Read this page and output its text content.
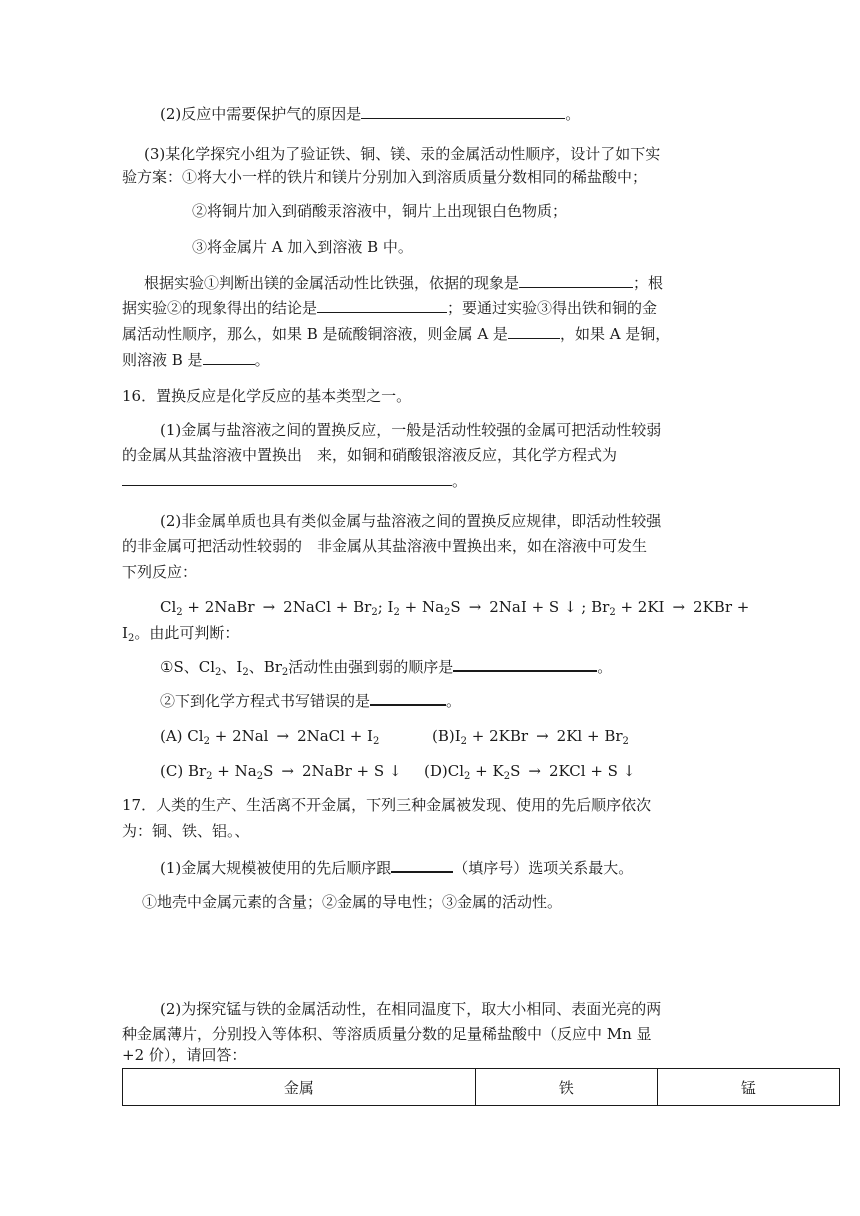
(2)反应中需要保护气的原因是	。
(3)某化学探究小组为了验证铁、铜、镁、汞的金属活动性顺序，设计了如下实
验方案：①将大小一样的铁片和镁片分别加入到溶质质量分数相同的稀盐酸中；
②将铜片加入到硝酸汞溶液中，铜片上出现银白色物质；
③将金属片 A 加入到溶液 B 中。
根据实验①判断出镁的金属活动性比铁强，依据的现象是	；根
据实验②的现象得出的结论是	；要通过实验③得出铁和铜的金
属活动性顺序，那么，如果 B 是硫酸铜溶液，则金属 A 是	，如果 A 是铜，
则溶液 B 是	。
16．置换反应是化学反应的基本类型之一。
(1)金属与盐溶液之间的置换反应，一般是活动性较强的金属可把活动性较弱
的金属从其盐溶液中置换出　来，如铜和硝酸银溶液反应，其化学方程式为
。
(2)非金属单质也具有类似金属与盐溶液之间的置换反应规律，即活动性较强
的非金属可把活动性较弱的　非金属从其盐溶液中置换出来，如在溶液中可发生
下列反应：
$Cl_2$ + 2NaBr → 2NaCl + $Br_2$; $I_2 + Na_2S \to 2NaI + S$ ↓ ; $Br_2 + 2KI \to 2KBr$ +
$I_2$。由此可判断：
①S、$Cl_2$、$I_2$、$Br_2$活动性由强到弱的顺序是	。
②下到化学方程式书写错误的是	。
(A) $Cl_2 + 2Nal$ → 2NaCl + $I_2$	$(B)I_2 + 2KBr \to 2Kl + Br_2$
(C) $Br_2 + Na_2S$ → 2NaBr + S ↓ $(D)Cl_2 + K_2S \to 2KCl + S$ ↓
17．人类的生产、生活离不开金属，下列三种金属被发现、使用的先后顺序依次
为：铜、铁、铝。、
(1)金属大规模被使用的先后顺序跟	（填序号）选项关系最大。
①地壳中金属元素的含量；②金属的导电性；③金属的活动性。
(2)为探究锰与铁的金属活动性，在相同温度下，取大小相同、表面光亮的两
种金属薄片，分别投入等体积、等溶质质量分数的足量稀盐酸中（反应中 Mn 显
+2 价），请回答：
金属	铁	锰
